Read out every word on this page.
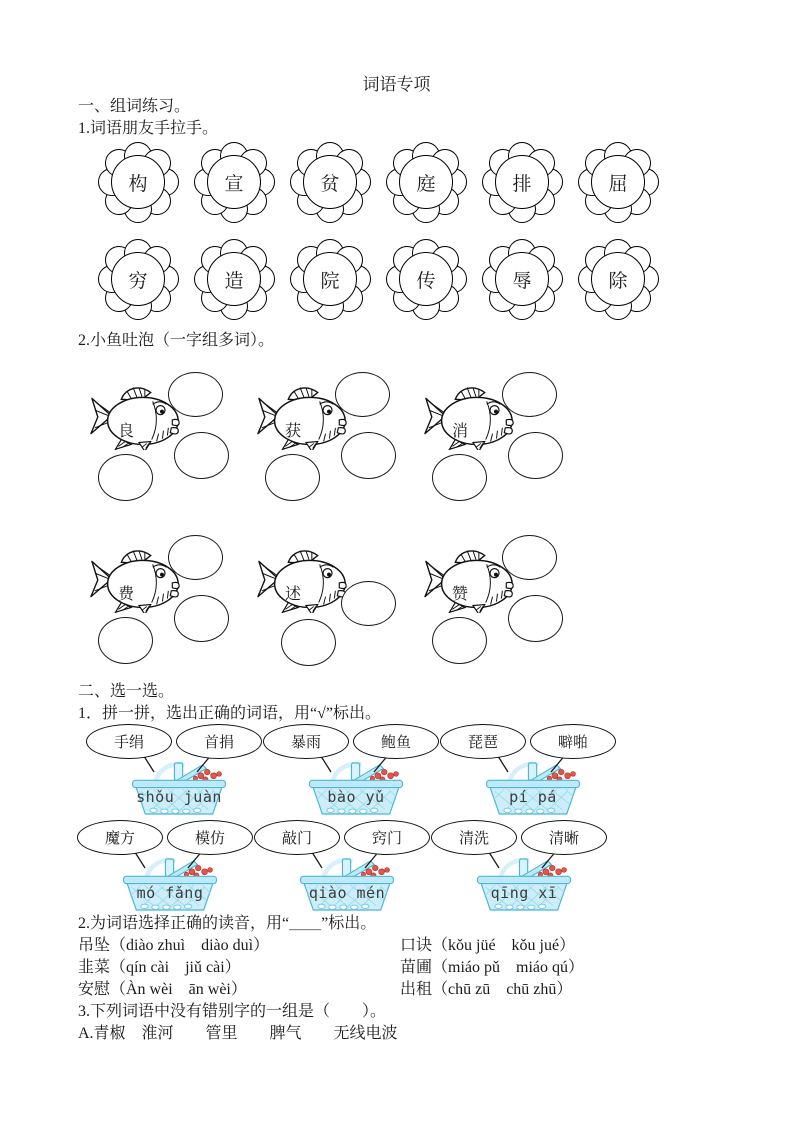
词语专项
一、组词练习。
1.词语朋友手拉手。
构	宣	贫	庭	排	屈
穷	造	院	传	辱	除
2.小鱼吐泡（一字组多词）。
良	获	消
费	述	赞
二、选一选。
1．拼一拼，选出正确的词语，用“√”标出。
手绢	首捐
shǒu juàn
暴雨	鲍鱼
bào yǔ
琵琶	噼啪
pí pá
魔方	模仿
mó fǎng
敲门	窍门
qiào mén
清洗	清晰
qīng xī
2.为词语选择正确的读音，用“＿＿”标出。
吊坠（diào zhuì　diào duì）	口诀（kǒu jüé　kǒu jué）
韭菜（qín cài　jiǔ cài）	苗圃（miáo pǔ　miáo qú）
安慰（Àn wèi　ān wèi）	出租（chū zū　chū zhū）
3.下列词语中没有错别字的一组是（　　）。
A.青椒　淮河　　管里　　脾气　　无线电波
